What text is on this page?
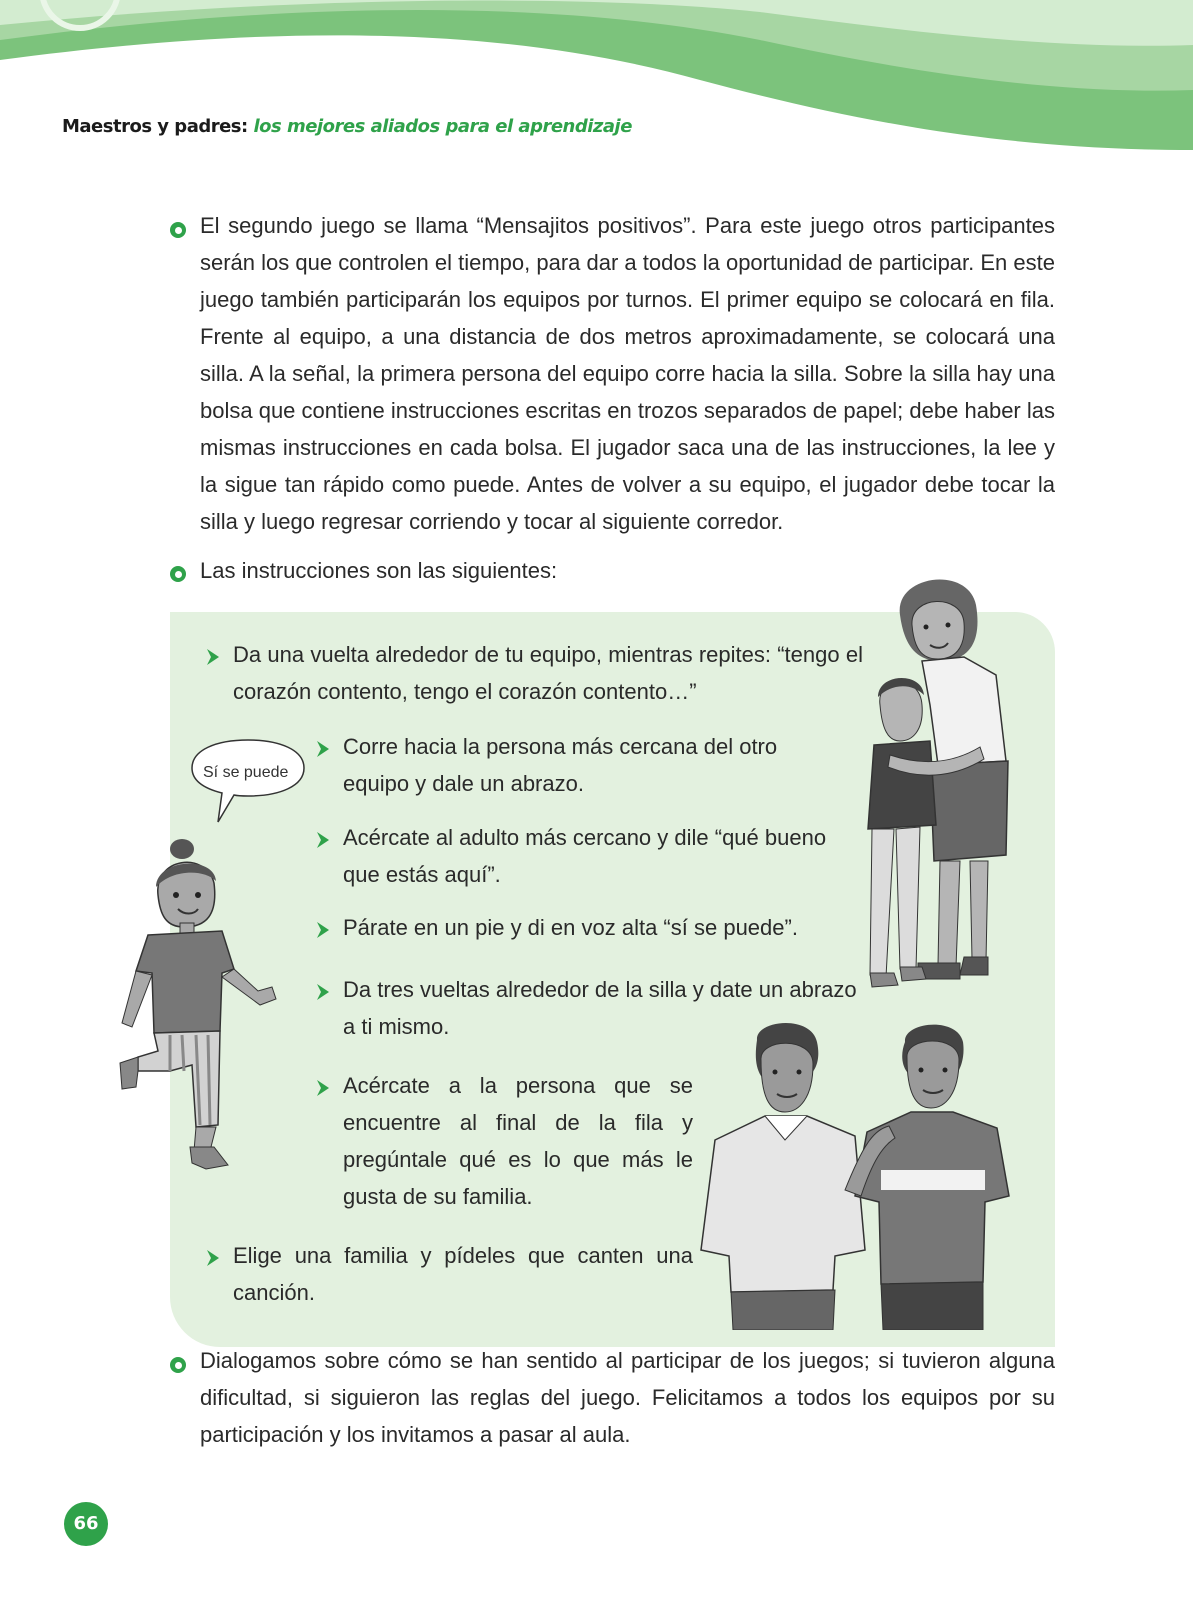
Maestros y padres: los mejores aliados para el aprendizaje
El segundo juego se llama “Mensajitos positivos”. Para este juego otros participantes serán los que controlen el tiempo, para dar a todos la oportunidad de participar. En este juego también participarán los equipos por turnos. El primer equipo se colocará en fila. Frente al equipo, a una distancia de dos metros aproximadamente, se colocará una silla. A la señal, la primera persona del equipo corre hacia la silla. Sobre la silla hay una bolsa que contiene instrucciones escritas en trozos separados de papel; debe haber las mismas instrucciones en cada bolsa. El jugador saca una de las instrucciones, la lee y la sigue tan rápido como puede. Antes de volver a su equipo, el jugador debe tocar la silla y luego regresar corriendo y tocar al siguiente corredor.
Las instrucciones son las siguientes:
Da una vuelta alrededor de tu equipo, mientras repites: “tengo el corazón contento, tengo el corazón contento…”
Corre hacia la persona más cercana del otro equipo y dale un abrazo.
Acércate al adulto más cercano y dile “qué bueno que estás aquí”.
Párate en un pie y di en voz alta “sí se puede”.
Da tres vueltas alrededor de la silla y date un abrazo a ti mismo.
Acércate a la persona que se encuentre al final de la fila y pregúntale qué es lo que más le gusta de su familia.
Elige una familia y pídeles que canten una canción.
Sí se puede
Dialogamos sobre cómo se han sentido al participar de los juegos; si tuvieron alguna dificultad, si siguieron las reglas del juego. Felicitamos a todos los equipos por su participación y los invitamos a pasar al aula.
66
